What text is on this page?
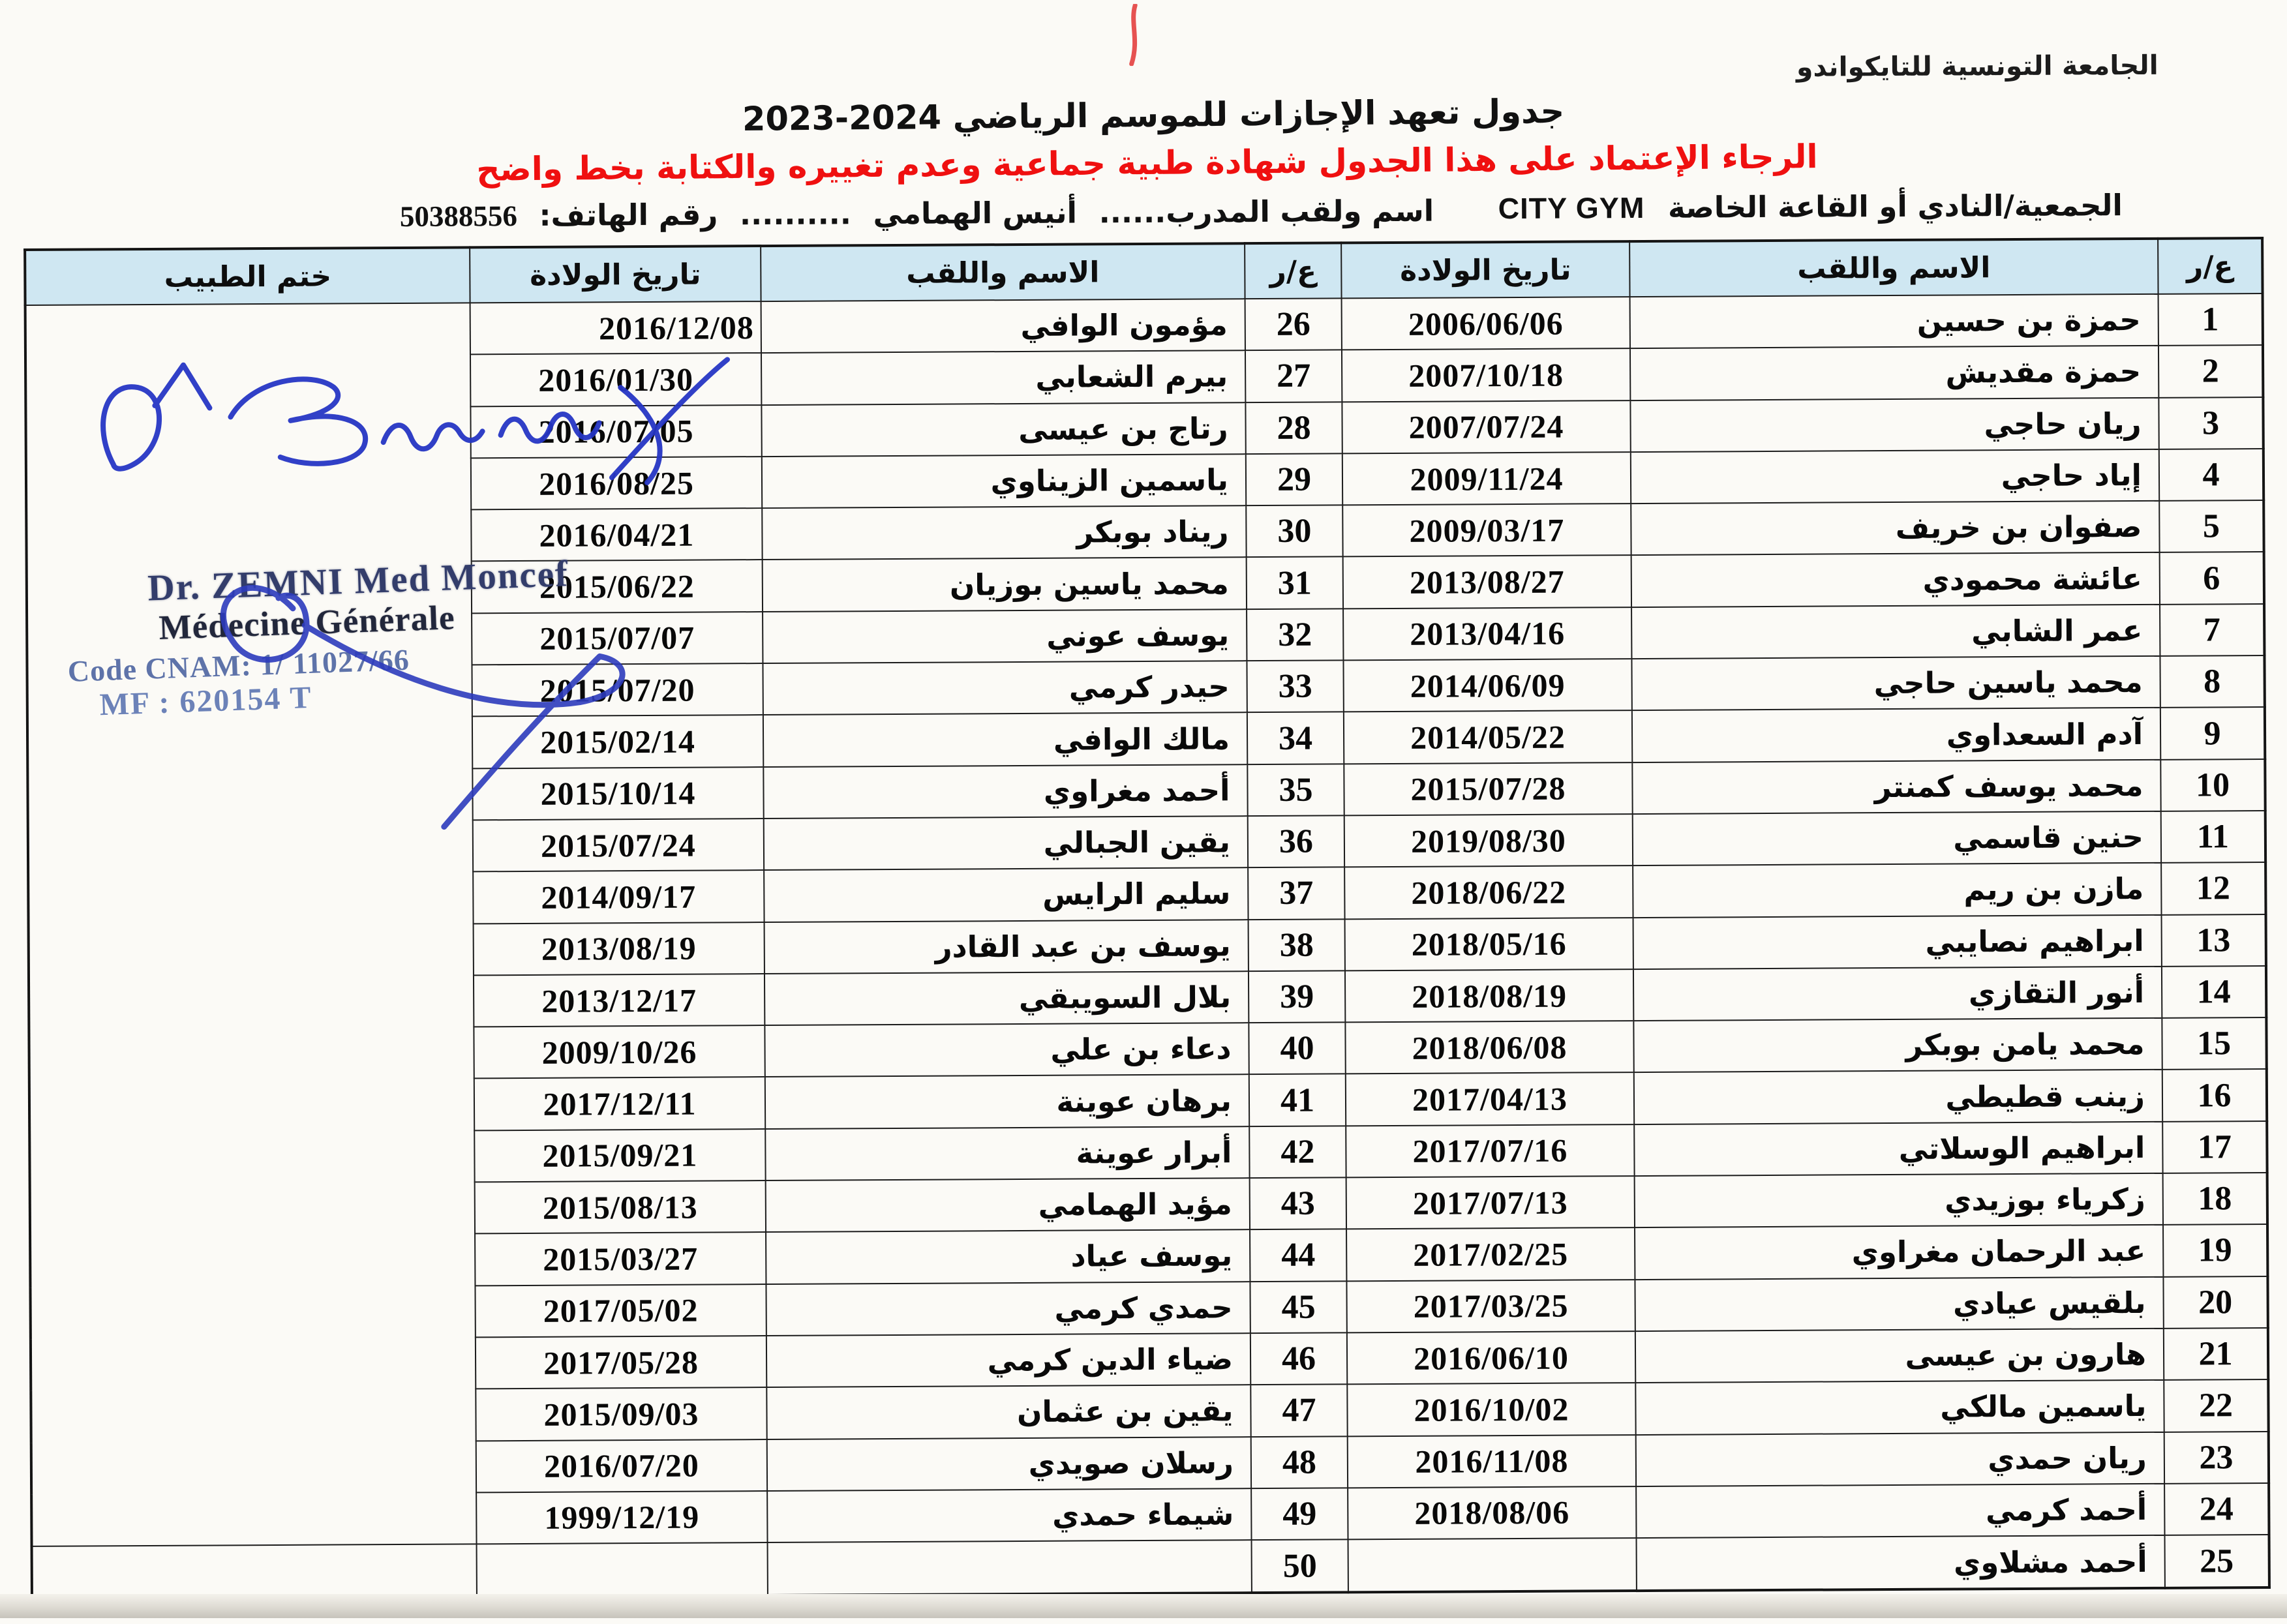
الجامعة التونسية للتايكواندو
جدول تعهد الإجازات للموسم الرياضي 2024-2023
الرجاء الإعتماد على هذا الجدول شهادة طبية جماعية وعدم تغييره والكتابة بخط واضح
الجمعية/النادي أو القاعة الخاصة CITY GYM
اسم ولقب المدرب...... أنيس الهمامي .......... رقم الهاتف: 50388556
ع/ر	الاسم واللقب	تاريخ الولادة	ع/ر	الاسم واللقب	تاريخ الولادة	ختم الطبيب
1	حمزة بن حسين	2006/06/06	26	مؤمون الوافي	2016/12/08	
2	حمزة مقديش	2007/10/18	27	بيرم الشعابي	2016/01/30	
3	ريان حاجي	2007/07/24	28	رتاج بن عيسى	2016/07/05	
4	إياد حاجي	2009/11/24	29	ياسمين الزيناوي	2016/08/25	
5	صفوان بن خريف	2009/03/17	30	ريناد بوبكر	2016/04/21	
6	عائشة محمودي	2013/08/27	31	محمد ياسين بوزيان	2015/06/22	
7	عمر الشابي	2013/04/16	32	يوسف عوني	2015/07/07	
8	محمد ياسين حاجي	2014/06/09	33	حيدر كرمي	2015/07/20	
9	آدم السعداوي	2014/05/22	34	مالك الوافي	2015/02/14	
10	محمد يوسف كمنتر	2015/07/28	35	أحمد مغراوي	2015/10/14	
11	حنين قاسمي	2019/08/30	36	يقين الجبالي	2015/07/24	
12	مازن بن ريم	2018/06/22	37	سليم الرايس	2014/09/17	
13	ابراهيم نصايبي	2018/05/16	38	يوسف بن عبد القادر	2013/08/19	
14	أنور التقازي	2018/08/19	39	بلال السويبقي	2013/12/17	
15	محمد يامن بوبكر	2018/06/08	40	دعاء بن علي	2009/10/26	
16	زينب قطيطي	2017/04/13	41	برهان عوينة	2017/12/11	
17	ابراهيم الوسلاتي	2017/07/16	42	أبرار عوينة	2015/09/21	
18	زكرياء بوزيدي	2017/07/13	43	مؤيد الهمامي	2015/08/13	
19	عبد الرحمان مغراوي	2017/02/25	44	يوسف عياد	2015/03/27	
20	بلقيس عيادي	2017/03/25	45	حمدي كرمي	2017/05/02	
21	هارون بن عيسى	2016/06/10	46	ضياء الدين كرمي	2017/05/28	
22	ياسمين مالكي	2016/10/02	47	يقين بن عثمان	2015/09/03	
23	ريان حمدي	2016/11/08	48	رسلان صويدي	2016/07/20	
24	أحمد كرمي	2018/08/06	49	شيماء حمدي	1999/12/19	
25	أحمد مشلاوي		50			
Dr. ZEMNI Med Moncef
Médecine Générale
Code CNAM: 1/ 11027/66
MF : 620154 T
